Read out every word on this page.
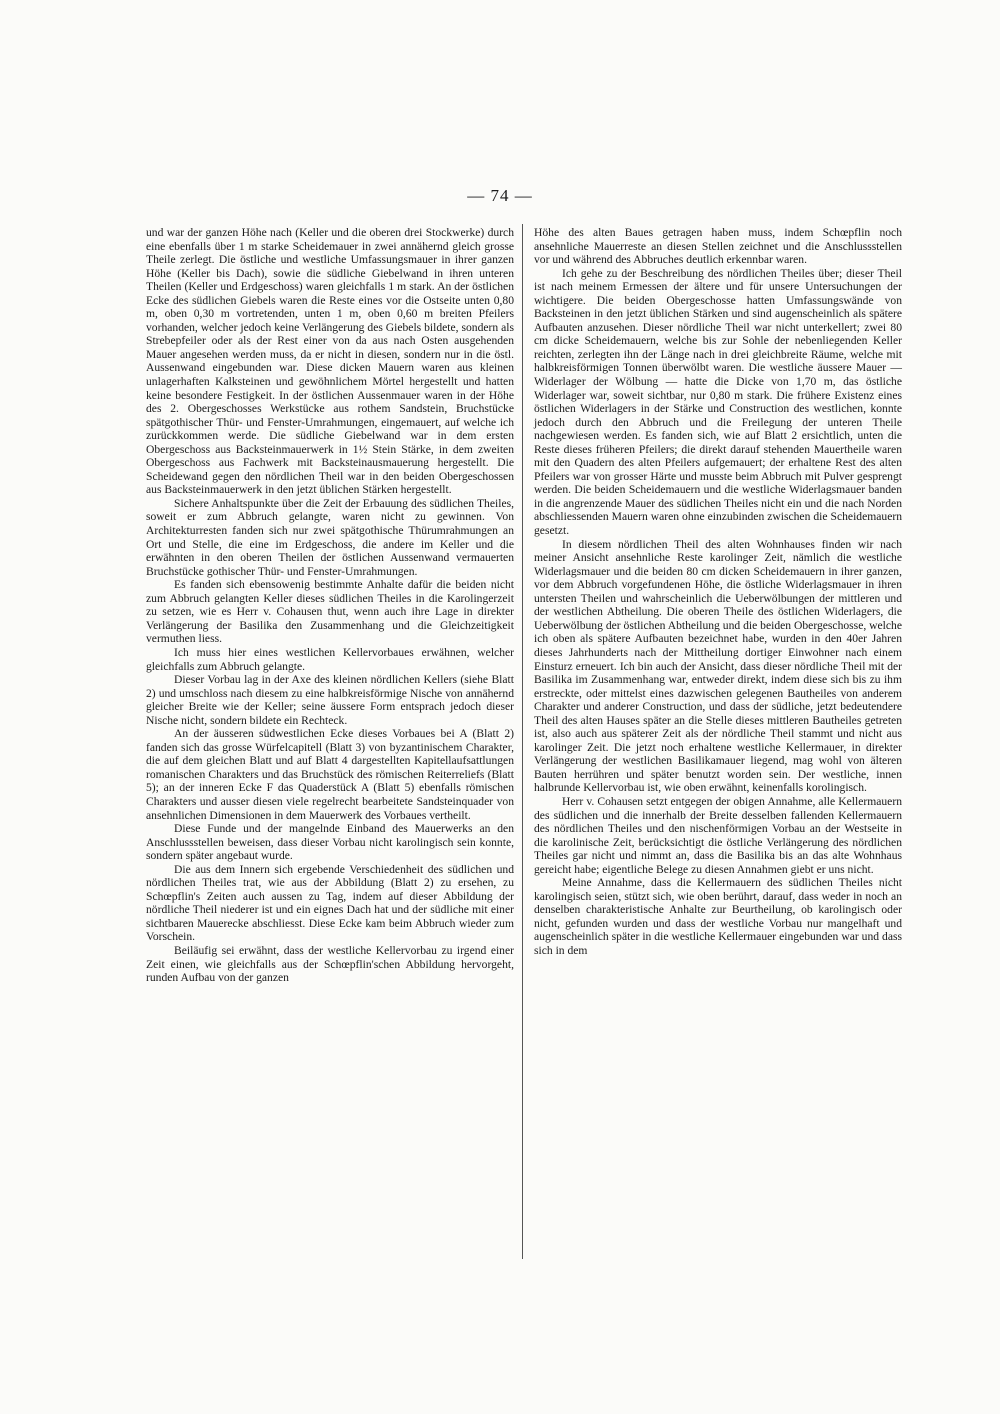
— 74 —

und war der ganzen Höhe nach (Keller und die oberen drei Stockwerke) durch eine ebenfalls über 1 m starke Scheidemauer in zwei annähernd gleich grosse Theile zerlegt. Die östliche und westliche Umfassungsmauer in ihrer ganzen Höhe (Keller bis Dach), sowie die südliche Giebelwand in ihren unteren Theilen (Keller und Erdgeschoss) waren gleichfalls 1 m stark. An der östlichen Ecke des südlichen Giebels waren die Reste eines vor die Ostseite unten 0,80 m, oben 0,30 m vortretenden, unten 1 m, oben 0,60 m breiten Pfeilers vorhanden, welcher jedoch keine Verlängerung des Giebels bildete, sondern als Strebepfeiler oder als der Rest einer von da aus nach Osten ausgehenden Mauer angesehen werden muss, da er nicht in diesen, sondern nur in die östl. Aussenwand eingebunden war. Diese dicken Mauern waren aus kleinen unlagerhaften Kalksteinen und gewöhnlichem Mörtel hergestellt und hatten keine besondere Festigkeit. In der östlichen Aussenmauer waren in der Höhe des 2. Obergeschosses Werkstücke aus rothem Sandstein, Bruchstücke spätgothischer Thür- und Fenster-Umrahmungen, eingemauert, auf welche ich zurückkommen werde. Die südliche Giebelwand war in dem ersten Obergeschoss aus Backsteinmauerwerk in 1½ Stein Stärke, in dem zweiten Obergeschoss aus Fachwerk mit Backsteinausmauerung hergestellt. Die Scheidewand gegen den nördlichen Theil war in den beiden Obergeschossen aus Backsteinmauerwerk in den jetzt üblichen Stärken hergestellt.

Sichere Anhaltspunkte über die Zeit der Erbauung des südlichen Theiles, soweit er zum Abbruch gelangte, waren nicht zu gewinnen. Von Architekturresten fanden sich nur zwei spätgothische Thürumrahmungen an Ort und Stelle, die eine im Erdgeschoss, die andere im Keller und die erwähnten in den oberen Theilen der östlichen Aussenwand vermauerten Bruchstücke gothischer Thür- und Fenster-Umrahmungen.

Es fanden sich ebensowenig bestimmte Anhalte dafür die beiden nicht zum Abbruch gelangten Keller dieses südlichen Theiles in die Karolingerzeit zu setzen, wie es Herr v. Cohausen thut, wenn auch ihre Lage in direkter Verlängerung der Basilika den Zusammenhang und die Gleichzeitigkeit vermuthen liess.

Ich muss hier eines westlichen Kellervorbaues erwähnen, welcher gleichfalls zum Abbruch gelangte.

Dieser Vorbau lag in der Axe des kleinen nördlichen Kellers (siehe Blatt 2) und umschloss nach diesem zu eine halbkreisförmige Nische von annähernd gleicher Breite wie der Keller; seine äussere Form entsprach jedoch dieser Nische nicht, sondern bildete ein Rechteck.

An der äusseren südwestlichen Ecke dieses Vorbaues bei A (Blatt 2) fanden sich das grosse Würfelcapitell (Blatt 3) von byzantinischem Charakter, die auf dem gleichen Blatt und auf Blatt 4 dargestellten Kapitellaufsattlungen romanischen Charakters und das Bruchstück des römischen Reiterreliefs (Blatt 5); an der inneren Ecke F das Quaderstück A (Blatt 5) ebenfalls römischen Charakters und ausser diesen viele regelrecht bearbeitete Sandsteinquader von ansehnlichen Dimensionen in dem Mauerwerk des Vorbaues vertheilt.

Diese Funde und der mangelnde Einband des Mauerwerks an den Anschlussstellen beweisen, dass dieser Vorbau nicht karolingisch sein konnte, sondern später angebaut wurde.

Die aus dem Innern sich ergebende Verschiedenheit des südlichen und nördlichen Theiles trat, wie aus der Abbildung (Blatt 2) zu ersehen, zu Schœpflin's Zeiten auch aussen zu Tag, indem auf dieser Abbildung der nördliche Theil niederer ist und ein eignes Dach hat und der südliche mit einer sichtbaren Mauerecke abschliesst. Diese Ecke kam beim Abbruch wieder zum Vorschein.

Beiläufig sei erwähnt, dass der westliche Kellervorbau zu irgend einer Zeit einen, wie gleichfalls aus der Schœpflin'schen Abbildung hervorgeht, runden Aufbau von der ganzen

Höhe des alten Baues getragen haben muss, indem Schœpflin noch ansehnliche Mauerreste an diesen Stellen zeichnet und die Anschlussstellen vor und während des Abbruches deutlich erkennbar waren.

Ich gehe zu der Beschreibung des nördlichen Theiles über; dieser Theil ist nach meinem Ermessen der ältere und für unsere Untersuchungen der wichtigere. Die beiden Obergeschosse hatten Umfassungswände von Backsteinen in den jetzt üblichen Stärken und sind augenscheinlich als spätere Aufbauten anzusehen. Dieser nördliche Theil war nicht unterkellert; zwei 80 cm dicke Scheidemauern, welche bis zur Sohle der nebenliegenden Keller reichten, zerlegten ihn der Länge nach in drei gleichbreite Räume, welche mit halbkreisförmigen Tonnen überwölbt waren. Die westliche äussere Mauer — Widerlager der Wölbung — hatte die Dicke von 1,70 m, das östliche Widerlager war, soweit sichtbar, nur 0,80 m stark. Die frühere Existenz eines östlichen Widerlagers in der Stärke und Construction des westlichen, konnte jedoch durch den Abbruch und die Freilegung der unteren Theile nachgewiesen werden. Es fanden sich, wie auf Blatt 2 ersichtlich, unten die Reste dieses früheren Pfeilers; die direkt darauf stehenden Mauertheile waren mit den Quadern des alten Pfeilers aufgemauert; der erhaltene Rest des alten Pfeilers war von grosser Härte und musste beim Abbruch mit Pulver gesprengt werden. Die beiden Scheidemauern und die westliche Widerlagsmauer banden in die angrenzende Mauer des südlichen Theiles nicht ein und die nach Norden abschliessenden Mauern waren ohne einzubinden zwischen die Scheidemauern gesetzt.

In diesem nördlichen Theil des alten Wohnhauses finden wir nach meiner Ansicht ansehnliche Reste karolinger Zeit, nämlich die westliche Widerlagsmauer und die beiden 80 cm dicken Scheidemauern in ihrer ganzen, vor dem Abbruch vorgefundenen Höhe, die östliche Widerlagsmauer in ihren untersten Theilen und wahrscheinlich die Ueberwölbungen der mittleren und der westlichen Abtheilung. Die oberen Theile des östlichen Widerlagers, die Ueberwölbung der östlichen Abtheilung und die beiden Obergeschosse, welche ich oben als spätere Aufbauten bezeichnet habe, wurden in den 40er Jahren dieses Jahrhunderts nach der Mittheilung dortiger Einwohner nach einem Einsturz erneuert. Ich bin auch der Ansicht, dass dieser nördliche Theil mit der Basilika im Zusammenhang war, entweder direkt, indem diese sich bis zu ihm erstreckte, oder mittelst eines dazwischen gelegenen Bautheiles von anderem Charakter und anderer Construction, und dass der südliche, jetzt bedeutendere Theil des alten Hauses später an die Stelle dieses mittleren Bautheiles getreten ist, also auch aus späterer Zeit als der nördliche Theil stammt und nicht aus karolinger Zeit. Die jetzt noch erhaltene westliche Kellermauer, in direkter Verlängerung der westlichen Basilikamauer liegend, mag wohl von älteren Bauten herrühren und später benutzt worden sein. Der westliche, innen halbrunde Kellervorbau ist, wie oben erwähnt, keinenfalls korolingisch.

Herr v. Cohausen setzt entgegen der obigen Annahme, alle Kellermauern des südlichen und die innerhalb der Breite desselben fallenden Kellermauern des nördlichen Theiles und den nischenförmigen Vorbau an der Westseite in die karolinische Zeit, berücksichtigt die östliche Verlängerung des nördlichen Theiles gar nicht und nimmt an, dass die Basilika bis an das alte Wohnhaus gereicht habe; eigentliche Belege zu diesen Annahmen giebt er uns nicht.

Meine Annahme, dass die Kellermauern des südlichen Theiles nicht karolingisch seien, stützt sich, wie oben berührt, darauf, dass weder in noch an denselben charakteristische Anhalte zur Beurtheilung, ob karolingisch oder nicht, gefunden wurden und dass der westliche Vorbau nur mangelhaft und augenscheinlich später in die westliche Kellermauer eingebunden war und dass sich in dem
